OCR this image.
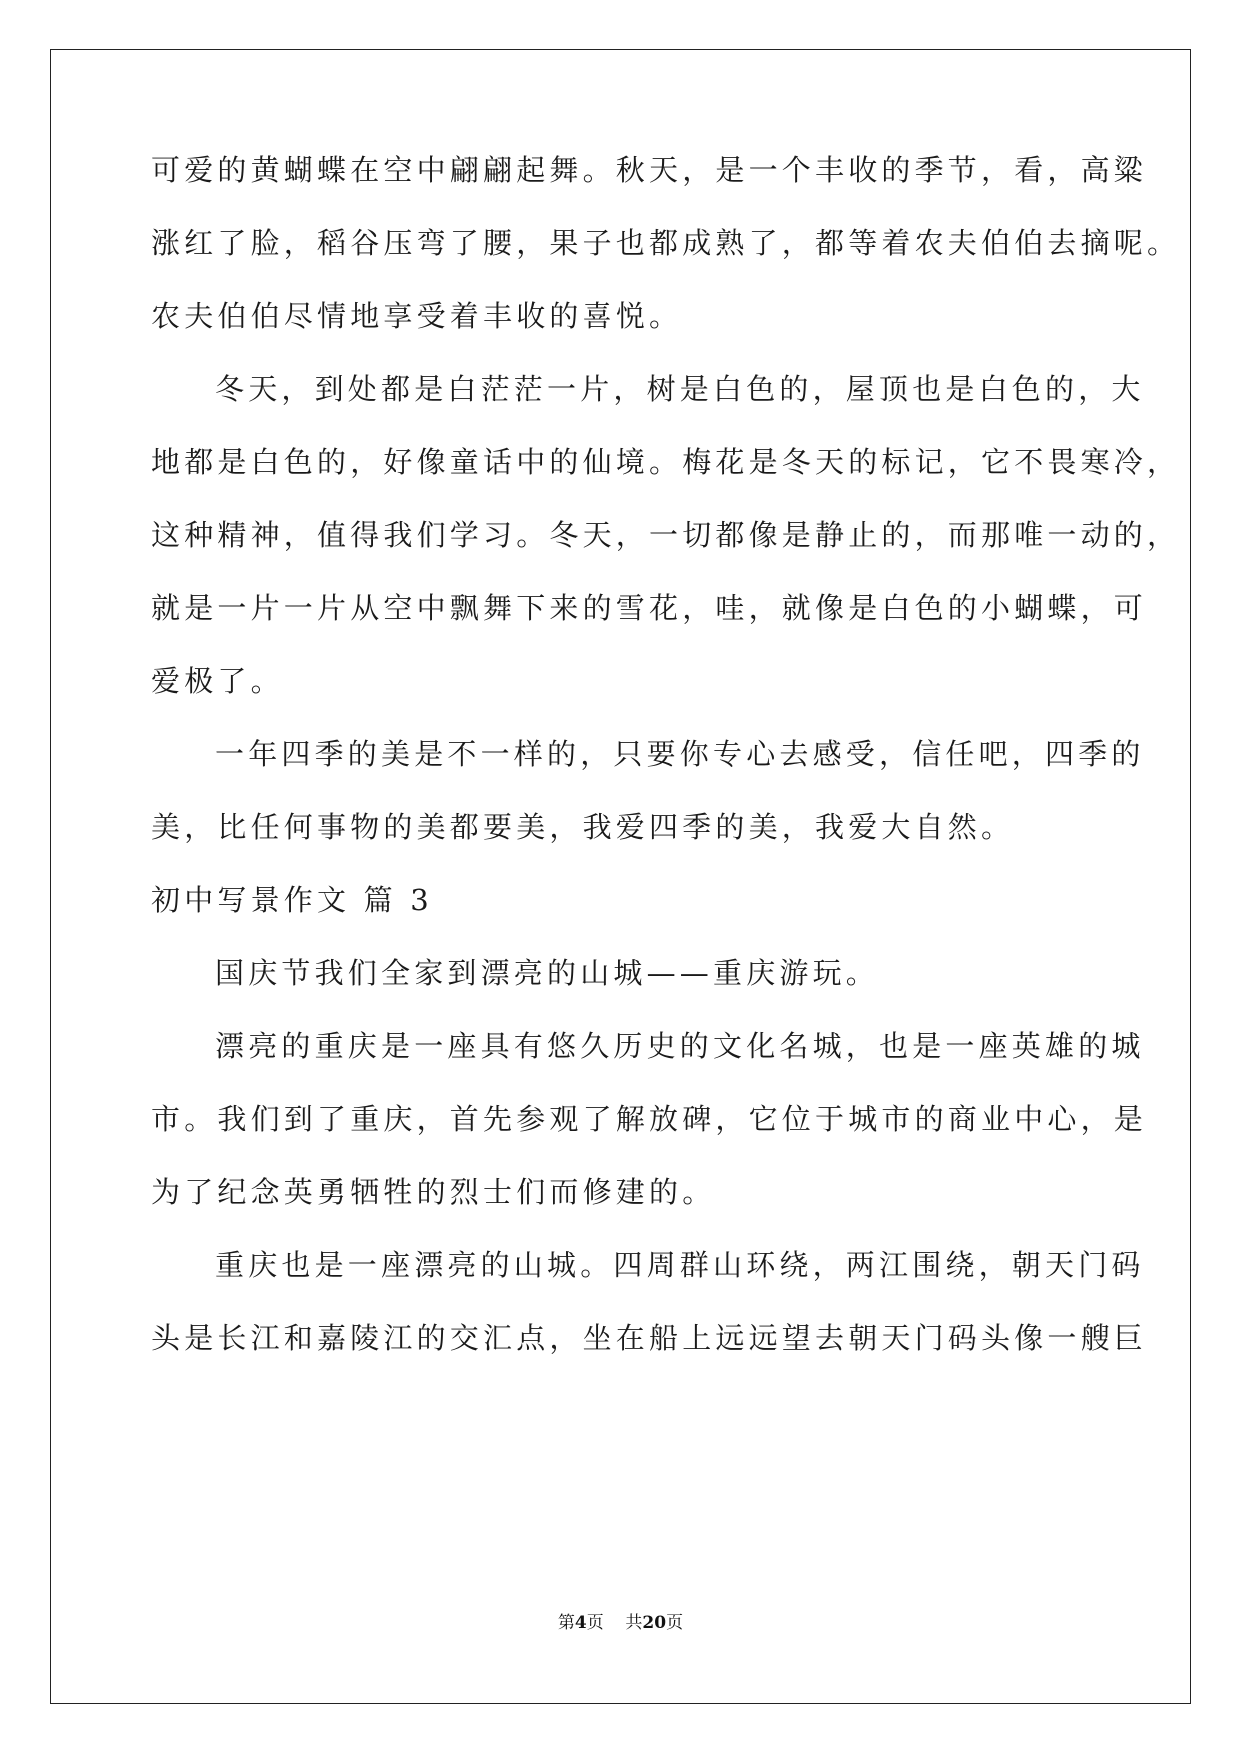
可爱的黄蝴蝶在空中翩翩起舞。秋天，是一个丰收的季节，看，高粱
涨红了脸，稻谷压弯了腰，果子也都成熟了，都等着农夫伯伯去摘呢。
农夫伯伯尽情地享受着丰收的喜悦。
冬天，到处都是白茫茫一片，树是白色的，屋顶也是白色的，大
地都是白色的，好像童话中的仙境。梅花是冬天的标记，它不畏寒冷，
这种精神，值得我们学习。冬天，一切都像是静止的，而那唯一动的，
就是一片一片从空中飘舞下来的雪花，哇，就像是白色的小蝴蝶，可
爱极了。
一年四季的美是不一样的，只要你专心去感受，信任吧，四季的
美，比任何事物的美都要美，我爱四季的美，我爱大自然。
初中写景作文 篇 3
国庆节我们全家到漂亮的山城——重庆游玩。
漂亮的重庆是一座具有悠久历史的文化名城，也是一座英雄的城
市。我们到了重庆，首先参观了解放碑，它位于城市的商业中心，是
为了纪念英勇牺牲的烈士们而修建的。
重庆也是一座漂亮的山城。四周群山环绕，两江围绕，朝天门码
头是长江和嘉陵江的交汇点，坐在船上远远望去朝天门码头像一艘巨
第4页 共20页
